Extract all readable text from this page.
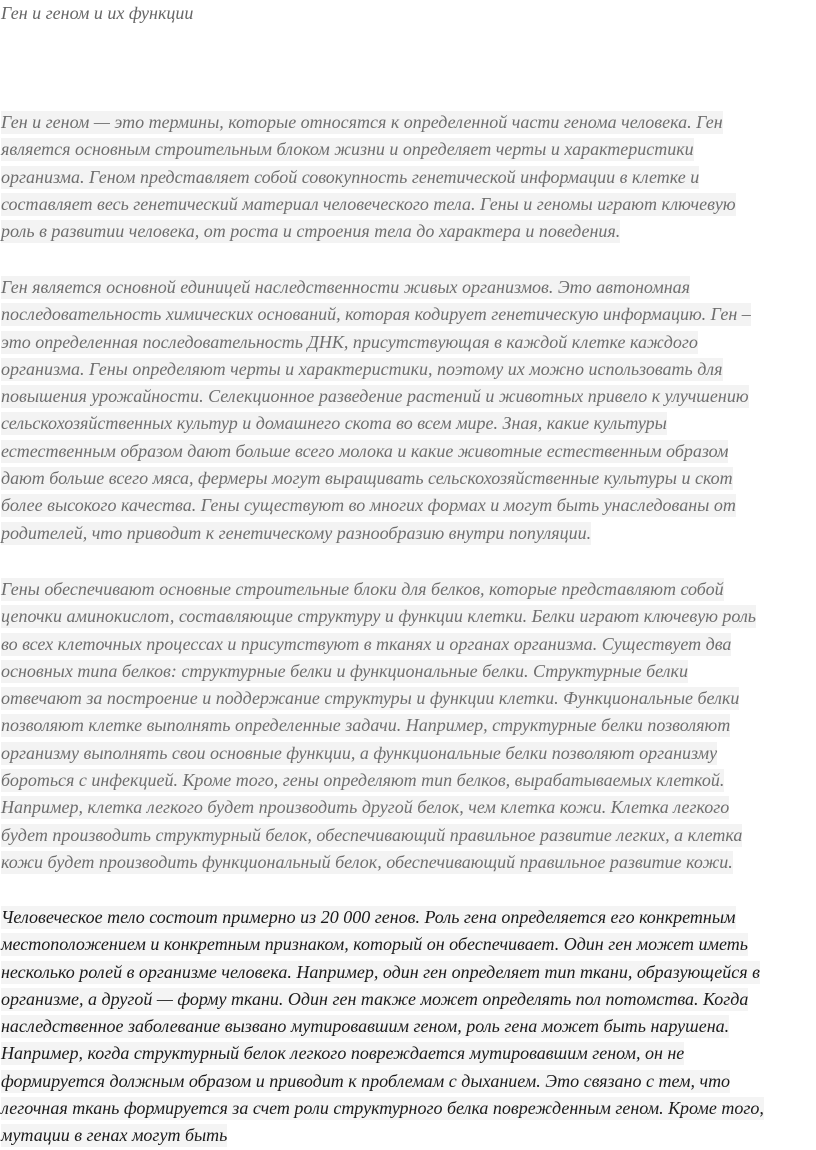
Ген и геном и их функции
Ген и геном — это термины, которые относятся к определенной части генома человека. Ген
является основным строительным блоком жизни и определяет черты и характеристики
организма. Геном представляет собой совокупность генетической информации в клетке и
составляет весь генетический материал человеческого тела. Гены и геномы играют ключевую
роль в развитии человека, от роста и строения тела до характера и поведения.
Ген является основной единицей наследственности живых организмов. Это автономная
последовательность химических оснований, которая кодирует генетическую информацию. Ген –
это определенная последовательность ДНК, присутствующая в каждой клетке каждого
организма. Гены определяют черты и характеристики, поэтому их можно использовать для
повышения урожайности. Селекционное разведение растений и животных привело к улучшению
сельскохозяйственных культур и домашнего скота во всем мире. Зная, какие культуры
естественным образом дают больше всего молока и какие животные естественным образом
дают больше всего мяса, фермеры могут выращивать сельскохозяйственные культуры и скот
более высокого качества. Гены существуют во многих формах и могут быть унаследованы от
родителей, что приводит к генетическому разнообразию внутри популяции.
Гены обеспечивают основные строительные блоки для белков, которые представляют собой
цепочки аминокислот, составляющие структуру и функции клетки. Белки играют ключевую роль
во всех клеточных процессах и присутствуют в тканях и органах организма. Существует два
основных типа белков: структурные белки и функциональные белки. Структурные белки
отвечают за построение и поддержание структуры и функции клетки. Функциональные белки
позволяют клетке выполнять определенные задачи. Например, структурные белки позволяют
организму выполнять свои основные функции, а функциональные белки позволяют организму
бороться с инфекцией. Кроме того, гены определяют тип белков, вырабатываемых клеткой.
Например, клетка легкого будет производить другой белок, чем клетка кожи. Клетка легкого
будет производить структурный белок, обеспечивающий правильное развитие легких, а клетка
кожи будет производить функциональный белок, обеспечивающий правильное развитие кожи.
Человеческое тело состоит примерно из 20 000 генов. Роль гена определяется его конкретным
местоположением и конкретным признаком, который он обеспечивает. Один ген может иметь
несколько ролей в организме человека. Например, один ген определяет тип ткани, образующейся в
организме, а другой — форму ткани. Один ген также может определять пол потомства. Когда
наследственное заболевание вызвано мутировавшим геном, роль гена может быть нарушена.
Например, когда структурный белок легкого повреждается мутировавшим геном, он не
формируется должным образом и приводит к проблемам с дыханием. Это связано с тем, что
легочная ткань формируется за счет роли структурного белка поврежденным геном. Кроме того,
мутации в генах могут быть
